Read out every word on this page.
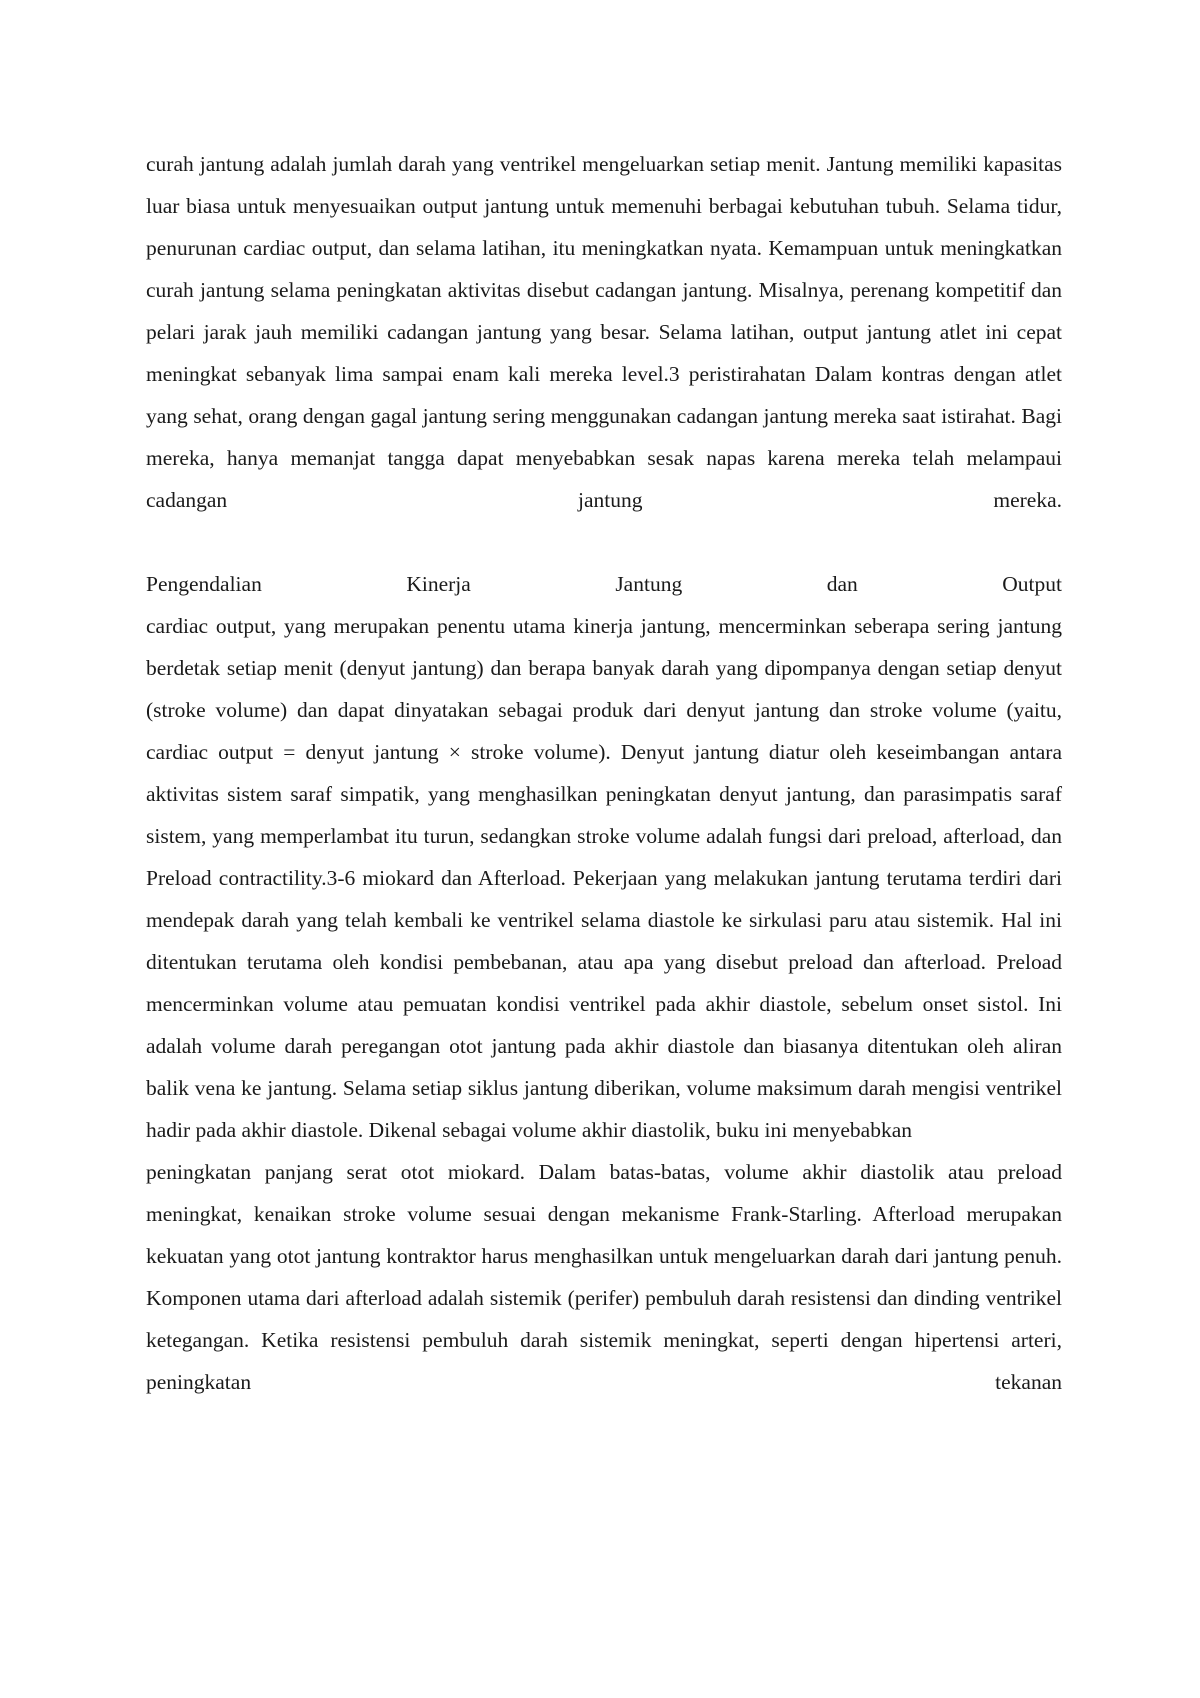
curah jantung adalah jumlah darah yang ventrikel mengeluarkan setiap menit. Jantung memiliki kapasitas luar biasa untuk menyesuaikan output jantung untuk memenuhi berbagai kebutuhan tubuh. Selama tidur, penurunan cardiac output, dan selama latihan, itu meningkatkan nyata. Kemampuan untuk meningkatkan curah jantung selama peningkatan aktivitas disebut cadangan jantung. Misalnya, perenang kompetitif dan pelari jarak jauh memiliki cadangan jantung yang besar. Selama latihan, output jantung atlet ini cepat meningkat sebanyak lima sampai enam kali mereka level.3 peristirahatan Dalam kontras dengan atlet yang sehat, orang dengan gagal jantung sering menggunakan cadangan jantung mereka saat istirahat. Bagi mereka, hanya memanjat tangga dapat menyebabkan sesak napas karena mereka telah melampaui cadangan jantung mereka.

Pengendalian Kinerja Jantung dan Output

cardiac output, yang merupakan penentu utama kinerja jantung, mencerminkan seberapa sering jantung berdetak setiap menit (denyut jantung) dan berapa banyak darah yang dipompanya dengan setiap denyut (stroke volume) dan dapat dinyatakan sebagai produk dari denyut jantung dan stroke volume (yaitu, cardiac output = denyut jantung × stroke volume). Denyut jantung diatur oleh keseimbangan antara aktivitas sistem saraf simpatik, yang menghasilkan peningkatan denyut jantung, dan parasimpatis saraf sistem, yang memperlambat itu turun, sedangkan stroke volume adalah fungsi dari preload, afterload, dan Preload contractility.3-6 miokard dan Afterload. Pekerjaan yang melakukan jantung terutama terdiri dari mendepak darah yang telah kembali ke ventrikel selama diastole ke sirkulasi paru atau sistemik. Hal ini ditentukan terutama oleh kondisi pembebanan, atau apa yang disebut preload dan afterload. Preload mencerminkan volume atau pemuatan kondisi ventrikel pada akhir diastole, sebelum onset sistol. Ini adalah volume darah peregangan otot jantung pada akhir diastole dan biasanya ditentukan oleh aliran balik vena ke jantung. Selama setiap siklus jantung diberikan, volume maksimum darah mengisi ventrikel hadir pada akhir diastole. Dikenal sebagai volume akhir diastolik, buku ini menyebabkan

peningkatan panjang serat otot miokard. Dalam batas-batas, volume akhir diastolik atau preload meningkat, kenaikan stroke volume sesuai dengan mekanisme Frank-Starling. Afterload merupakan kekuatan yang otot jantung kontraktor harus menghasilkan untuk mengeluarkan darah dari jantung penuh. Komponen utama dari afterload adalah sistemik (perifer) pembuluh darah resistensi dan dinding ventrikel ketegangan. Ketika resistensi pembuluh darah sistemik meningkat, seperti dengan hipertensi arteri, peningkatan tekanan
